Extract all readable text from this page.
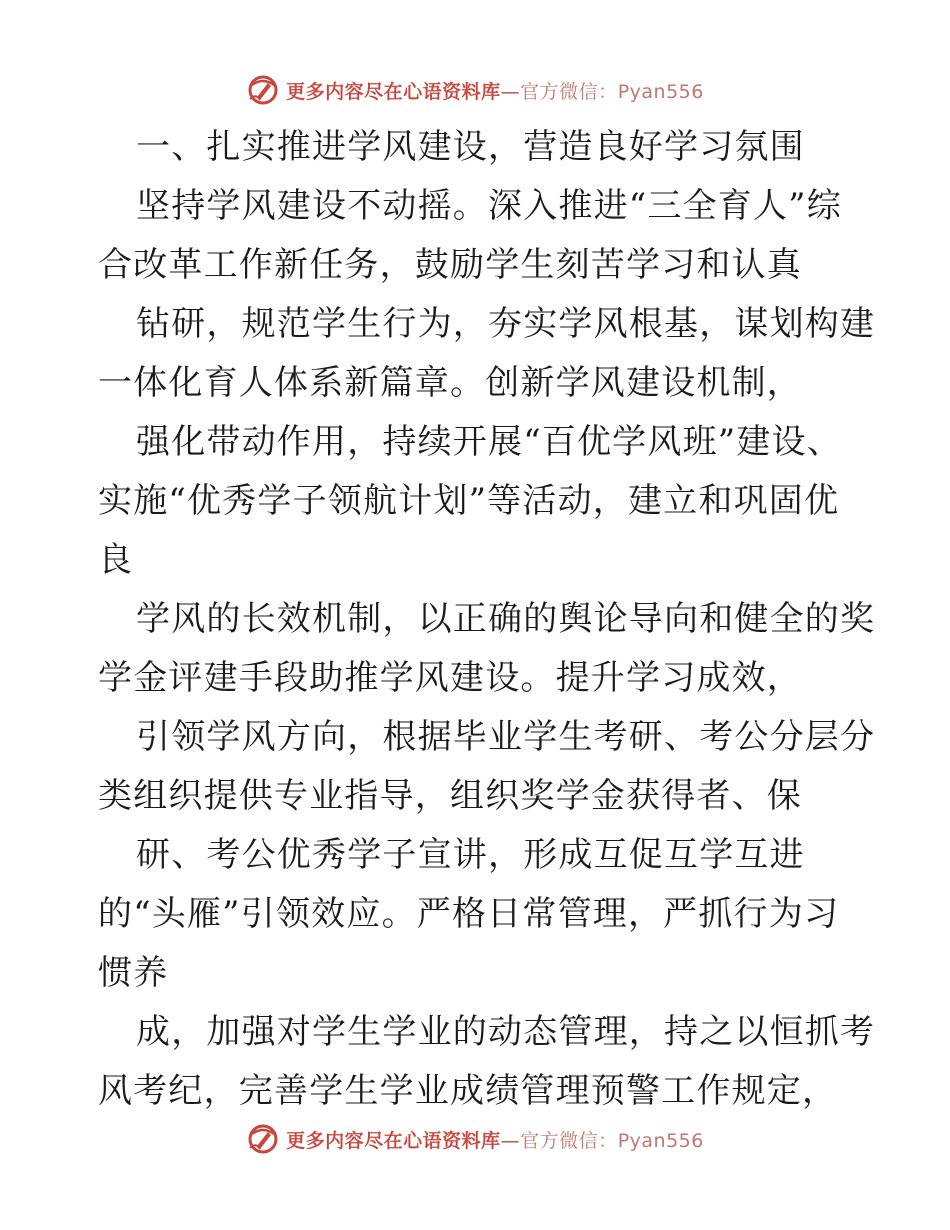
更多内容尽在心语资料库—官方微信：Pyan556
一、扎实推进学风建设，营造良好学习氛围
坚持学风建设不动摇。深入推进“三全育人”综
合改革工作新任务，鼓励学生刻苦学习和认真
钻研，规范学生行为，夯实学风根基，谋划构建
一体化育人体系新篇章。创新学风建设机制，
强化带动作用，持续开展“百优学风班”建设、
实施“优秀学子领航计划”等活动，建立和巩固优
良
学风的长效机制，以正确的舆论导向和健全的奖
学金评建手段助推学风建设。提升学习成效，
引领学风方向，根据毕业学生考研、考公分层分
类组织提供专业指导，组织奖学金获得者、保
研、考公优秀学子宣讲，形成互促互学互进
的“头雁”引领效应。严格日常管理，严抓行为习
惯养
成，加强对学生学业的动态管理，持之以恒抓考
风考纪，完善学生学业成绩管理预警工作规定，
更多内容尽在心语资料库—官方微信：Pyan556
